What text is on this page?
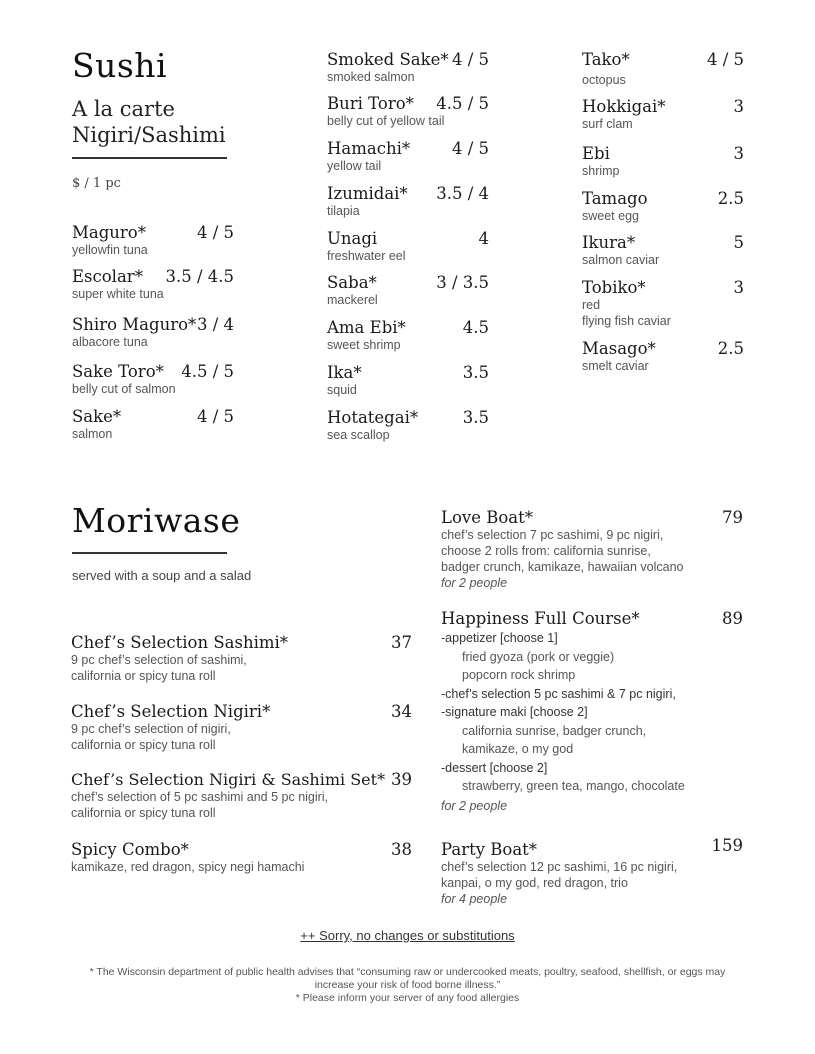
Sushi
A la carte
Nigiri/Sashimi
$ / 1 pc
Maguro*	4 / 5
yellowfin tuna
Escolar* 3.5 / 4.5
super white tuna
Shiro Maguro* 3 / 4
albacore tuna
Sake Toro* 4.5 / 5
belly cut of salmon
Sake*	4 / 5
salmon
Smoked Sake* 4 / 5
smoked salmon
Buri Toro* 4.5 / 5
belly cut of yellow tail
Hamachi*	4 / 5
yellow tail
Izumidai* 3.5 / 4
tilapia
Unagi	4
freshwater eel
Saba*	3 / 3.5
mackerel
Ama Ebi*	4.5
sweet shrimp
Ika*	3.5
squid
Hotategai*	3.5
sea scallop
Tako*	4 / 5
octopus
Hokkigai*	3
surf clam
Ebi	3
shrimp
Tamago	2.5
sweet egg
Ikura*	5
salmon caviar
Tobiko*	3
red
flying fish caviar
Masago*	2.5
smelt caviar
Moriwase
served with a soup and a salad
Chef’s Selection Sashimi*	37
9 pc chef’s selection of sashimi,
california or spicy tuna roll
Chef’s Selection Nigiri*	34
9 pc chef’s selection of nigiri,
california or spicy tuna roll
Chef’s Selection Nigiri & Sashimi Set* 39
chef’s selection of 5 pc sashimi and 5 pc nigiri,
california or spicy tuna roll
Spicy Combo*	38
kamikaze, red dragon, spicy negi hamachi
Love Boat*	79
chef’s selection 7 pc sashimi, 9 pc nigiri,
choose 2 rolls from: california sunrise,
badger crunch, kamikaze, hawaiian volcano
for 2 people
Happiness Full Course*	89
-appetizer [choose 1]
fried gyoza (pork or veggie)
popcorn rock shrimp
-chef’s selection 5 pc sashimi & 7 pc nigiri,
-signature maki [choose 2]
california sunrise, badger crunch,
kamikaze, o my god
-dessert [choose 2]
strawberry, green tea, mango, chocolate
for 2 people
Party Boat*	159
chef’s selection 12 pc sashimi, 16 pc nigiri,
kanpai, o my god, red dragon, trio
for 4 people
++ Sorry, no changes or substitutions
* The Wisconsin department of public health advises that “consuming raw or undercooked meats, poultry, seafood, shellfish, or eggs may
increase your risk of food borne illness.”
* Please inform your server of any food allergies
